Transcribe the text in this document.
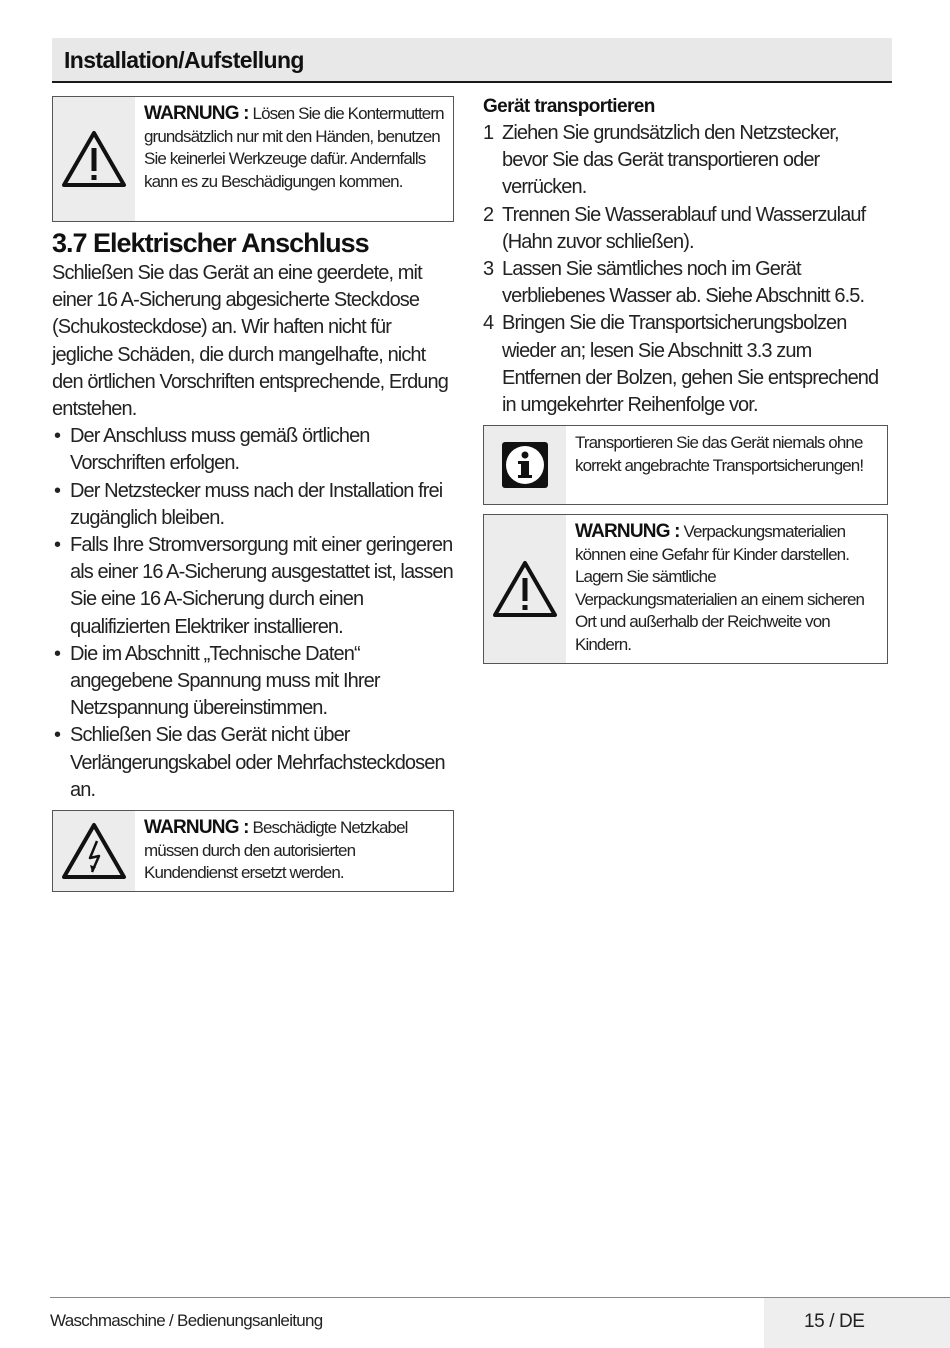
Installation/Aufstellung
WARNUNG : Lösen Sie die Kontermuttern grundsätzlich nur mit den Händen, benutzen Sie keinerlei Werkzeuge dafür. Andernfalls kann es zu Beschädigungen kommen.
3.7 Elektrischer Anschluss

Schließen Sie das Gerät an eine geerdete, mit einer 16 A-Sicherung abgesicherte Steckdose (Schukosteckdose) an. Wir haften nicht für jegliche Schäden, die durch mangelhafte, nicht den örtlichen Vorschriften entsprechende, Erdung entstehen.

• Der Anschluss muss gemäß örtlichen Vorschriften erfolgen.
• Der Netzstecker muss nach der Installation frei zugänglich bleiben.
• Falls Ihre Stromversorgung mit einer geringeren als einer 16 A-Sicherung ausgestattet ist, lassen Sie eine 16 A-Sicherung durch einen qualifizierten Elektriker installieren.
• Die im Abschnitt „Technische Daten“ angegebene Spannung muss mit Ihrer Netzspannung übereinstimmen.
• Schließen Sie das Gerät nicht über Verlängerungskabel oder Mehrfachsteckdosen an.
WARNUNG : Beschädigte Netzkabel müssen durch den autorisierten Kundendienst ersetzt werden.
Gerät transportieren
1 Ziehen Sie grundsätzlich den Netzstecker, bevor Sie das Gerät transportieren oder verrücken.
2 Trennen Sie Wasserablauf und Wasserzulauf (Hahn zuvor schließen).
3 Lassen Sie sämtliches noch im Gerät verbliebenes Wasser ab. Siehe Abschnitt 6.5.
4 Bringen Sie die Transportsicherungsbolzen wieder an; lesen Sie Abschnitt 3.3 zum Entfernen der Bolzen, gehen Sie entsprechend in umgekehrter Reihenfolge vor.
Transportieren Sie das Gerät niemals ohne korrekt angebrachte Transportsicherungen!
WARNUNG : Verpackungsmaterialien können eine Gefahr für Kinder darstellen. Lagern Sie sämtliche Verpackungsmaterialien an einem sicheren Ort und außerhalb der Reichweite von Kindern.
Waschmaschine / Bedienungsanleitung	15 / DE
